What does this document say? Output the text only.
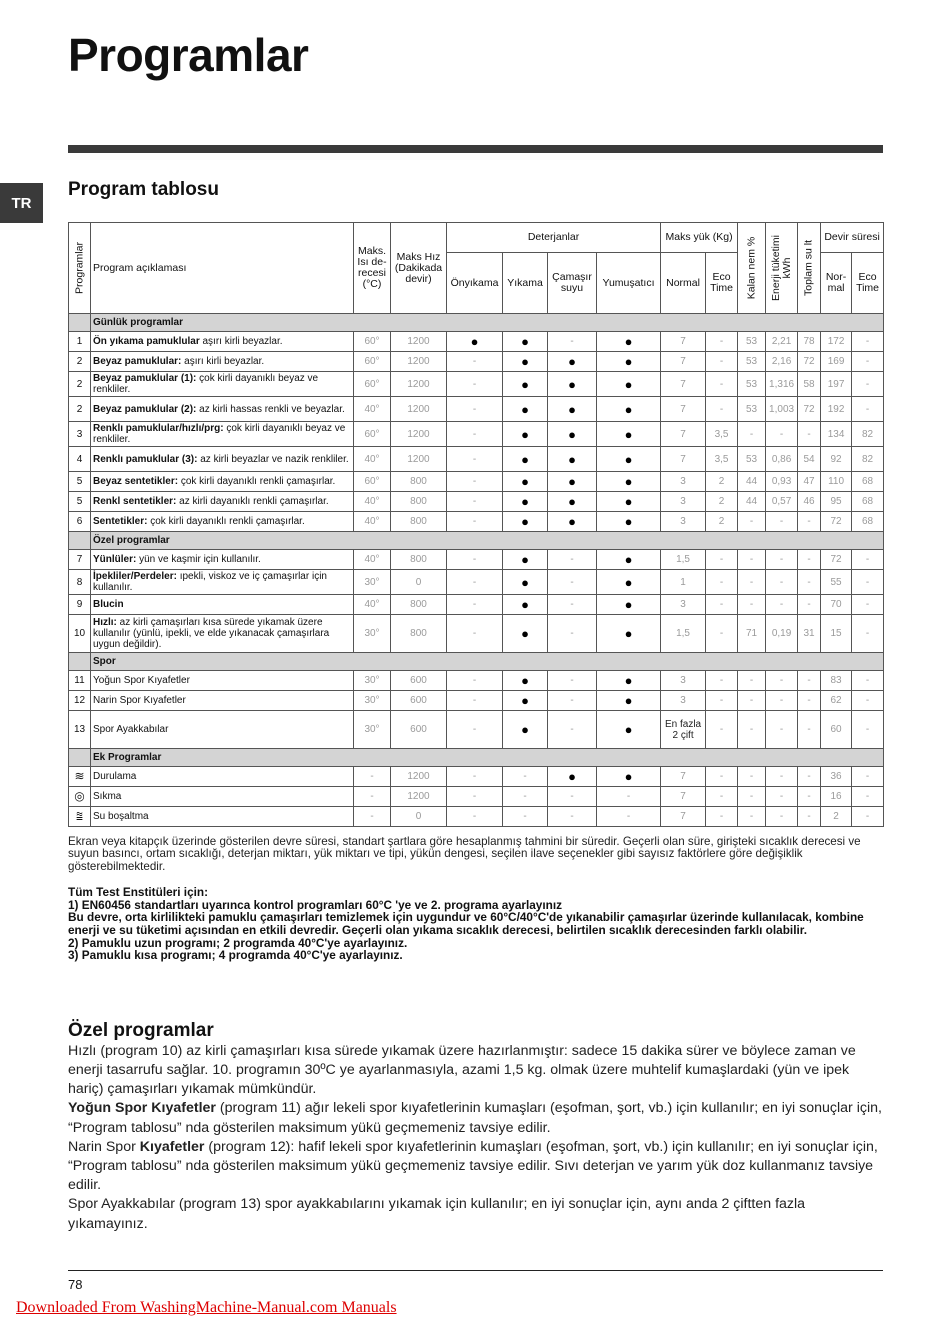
Programlar
TR
Program tablosu
Programlar	Program açıklaması	Maks. Isı de-recesi (°C)	Maks Hız (Dakikada devir)	Deterjanlar				Maks yük (Kg)		Kalan nem %	Enerji tüketimi kWh	Toplam su lt	Devir süresi	
				Önyıkama	Yıkama	Çamaşır suyu	Yumuşatıcı	Normal	Eco Time				Nor-mal	Eco Time
	Günlük programlar													
1	Ön yıkama pamuklular aşırı kirli beyazlar.	60°	1200	●	●	-	●	7	-	53	2,21	78	172	-
2	Beyaz pamuklular: aşırı kirli beyazlar.	60°	1200	-	●	●	●	7	-	53	2,16	72	169	-
2	Beyaz pamuklular (1): çok kirli dayanıklı beyaz ve renkliler.	60°	1200	-	●	●	●	7	-	53	1,316	58	197	-
2	Beyaz pamuklular (2): az kirli hassas renkli ve beyazlar.	40°	1200	-	●	●	●	7	-	53	1,003	72	192	-
3	Renklı pamuklular/hızlı/prg: çok kirli dayanıklı beyaz ve renkliler.	60°	1200	-	●	●	●	7	3,5	-	-	-	134	82
4	Renklı pamuklular (3): az kirli beyazlar ve nazik renkliler.	40°	1200	-	●	●	●	7	3,5	53	0,86	54	92	82
5	Beyaz sentetikler: çok kirli dayanıklı renkli çamaşırlar.	60°	800	-	●	●	●	3	2	44	0,93	47	110	68
5	Renkl sentetikler: az kirli dayanıklı renkli çamaşırlar.	40°	800	-	●	●	●	3	2	44	0,57	46	95	68
6	Sentetikler: çok kirli dayanıklı renkli çamaşırlar.	40°	800	-	●	●	●	3	2	-	-	-	72	68
	Özel programlar													
7	Yünlüler: yün ve kaşmir için kullanılır.	40°	800	-	●	-	●	1,5	-	-	-	-	72	-
8	İpekliler/Perdeler: ıpekli, viskoz ve iç çamaşırlar için kullanılır.	30°	0	-	●	-	●	1	-	-	-	-	55	-
9	Blucin	40°	800	-	●	-	●	3	-	-	-	-	70	-
10	Hızlı: az kirli çamaşırları kısa sürede yıkamak üzere kullanılır (yünlü, ipekli, ve elde yıkanacak çamaşırlara uygun değildir).	30°	800	-	●	-	●	1,5	-	71	0,19	31	15	-
	Spor													
11	Yoğun Spor Kıyafetler	30°	600	-	●	-	●	3	-	-	-	-	83	-
12	Narin Spor Kıyafetler	30°	600	-	●	-	●	3	-	-	-	-	62	-
13	Spor Ayakkabılar	30°	600	-	●	-	●	En fazla 2 çift	-	-	-	-	60	-
	Ek Programlar													
≋	Durulama	-	1200	-	-	●	●	7	-	-	-	-	36	-
◎	Sıkma	-	1200	-	-	-	-	7	-	-	-	-	16	-
⩰	Su boşaltma	-	0	-	-	-	-	7	-	-	-	-	2	-
Ekran veya kitapçık üzerinde gösterilen devre süresi, standart şartlara göre hesaplanmış tahmini bir süredir. Geçerli olan süre, girişteki sıcaklık derecesi ve suyun basıncı, ortam sıcaklığı, deterjan miktarı, yük miktarı ve tipi, yükün dengesi, seçilen ilave seçenekler gibi sayısız faktörlere göre değişiklik gösterebilmektedir.
Tüm Test Enstitüleri için:
1) EN60456 standartları uyarınca kontrol programları 60°C 'ye ve 2. programa ayarlayınız
Bu devre, orta kirlilikteki pamuklu çamaşırları temizlemek için uygundur ve 60°C/40°C'de yıkanabilir çamaşırlar üzerinde kullanılacak, kombine enerji ve su tüketimi açısından en etkili devredir. Geçerli olan yıkama sıcaklık derecesi, belirtilen sıcaklık derecesinden farklı olabilir.
2) Pamuklu uzun programı; 2 programda 40°C'ye ayarlayınız.
3) Pamuklu kısa programı; 4 programda 40°C'ye ayarlayınız.
Özel programlar

Hızlı (program 10) az kirli çamaşırları kısa sürede yıkamak üzere hazırlanmıştır: sadece 15 dakika sürer ve böylece zaman ve enerji tasarrufu sağlar. 10. programın 30ºC ye ayarlanmasıyla, azami 1,5 kg. olmak üzere muhtelif kumaşlardaki (yün ve ipek hariç) çamaşırları yıkamak mümkündür.

Yoğun Spor Kıyafetler (program 11) ağır lekeli spor kıyafetlerinin kumaşları (eşofman, şort, vb.) için kullanılır; en iyi sonuçlar için, “Program tablosu” nda gösterilen maksimum yükü geçmemeniz tavsiye edilir.

Narin Spor Kıyafetler (program 12): hafif lekeli spor kıyafetlerinin kumaşları (eşofman, şort, vb.) için kullanılır; en iyi sonuçlar için, “Program tablosu” nda gösterilen maksimum yükü geçmemeniz tavsiye edilir. Sıvı deterjan ve yarım yük doz kullanmanız tavsiye edilir.

Spor Ayakkabılar (program 13) spor ayakkabılarını yıkamak için kullanılır; en iyi sonuçlar için, aynı anda 2 çiftten fazla yıkamayınız.

78
Downloaded From WashingMachine-Manual.com Manuals
